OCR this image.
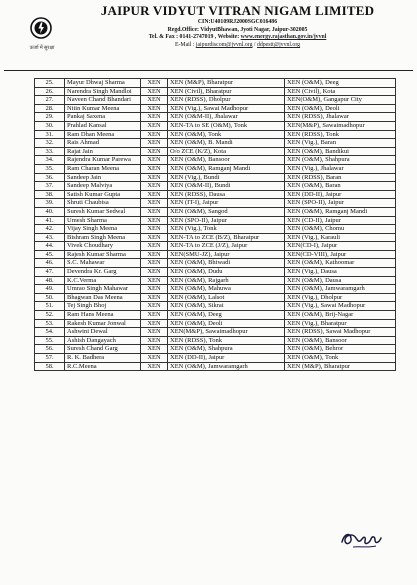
ऊर्जा में सुरक्षा
JAIPUR VIDYUT VITRAN NIGAM LIMITED
CIN:U40109RJ2000SGC016486
Regd.Office: VidyutBhawan, Jyoti Nagar, Jaipur-302005
Tel. & Fax : 0141-2747019 , Website: www.energy.rajasthan.gov.in/jvvnl
E-Mail : jaipurdiscom@jvvnl.org / ddpestt@jvvnl.org
25.	Mayur Dhwaj Sharma	XEN	XEN (M&P), Bharatpur	XEN (O&M), Deeg
26.	Narendra Singh Mandloi	XEN	XEN (Civil), Bharatpur	XEN (Civil), Kota
27.	Naveen Chand Bhandari	XEN	XEN (RDSS), Dholpur	XEN(O&M), Gangapur City
28.	Nitin Kumar Meena	XEN	XEN (Vig.), Sawai Madhopur	XEN (O&M), Deoli
29.	Pankaj Saxena	XEN	XEN (O&M-II), Jhalawar	XEN (RDSS), Jhalawar
30.	Prahlad Kansal	XEN	XEN-TA to SE (O&M), Tonk	XEN(M&P), Sawaimadhopur
31.	Ram Dhan Meena	XEN	XEN (O&M), Tonk	XEN (RDSS), Tonk
32.	Rais Ahmad	XEN	XEN (O&M), B. Mandi	XEN (Vig.), Baran
33.	Rajat Jain	XEN	O/o ZCE (K/Z), Kota	XEN (O&M), Bandikui
34.	Rajendra Kumar Parewa	XEN	XEN (O&M), Bansoor	XEN (O&M), Shahpura
35.	Ram Charan Meena	XEN	XEN (O&M), Ramganj Mandi	XEN (Vig.), Jhalawar
36.	Sandeep Jain	XEN	XEN (Vig.), Bundi	XEN (RDSS), Baran
37.	Sandeep Malviya	XEN	XEN (O&M-II), Bundi	XEN (O&M), Baran
38.	Satish Kumar Gupta	XEN	XEN (RDSS), Dausa	XEN (DD-II), Jaipur
39.	Shruti Chaubisa	XEN	XEN (IT-I), Jaipur	XEN (SPO-II), Jaipur
40.	Suresh Kumar Sedwal	XEN	XEN (O&M), Sangod	XEN (O&M), Ramganj Mandi
41.	Umesh Sharma	XEN	XEN (SPO-II), Jaipur	XEN (CD-II), Jaipur
42.	Vijay Singh Meena	XEN	XEN (Vig.), Tonk	XEN (O&M), Chomu
43.	Bishram Singh Meena	XEN	XEN-TA to ZCE (B/Z), Bharatpur	XEN (Vig.), Karauli
44.	Vivek Choudhary	XEN	XEN-TA to ZCE (J/Z), Jaipur	XEN(CD-I), Jaipur
45.	Rajesh Kumar Sharma	XEN	XEN(SMU-JZ), Jaipur	XEN(CD-VIII), Jaipur
46.	S.C. Mahawar	XEN	XEN (O&M), Bhiwadi	XEN (O&M), Kathoomar
47.	Devendra Kr. Garg	XEN	XEN (O&M), Dudu	XEN (Vig.), Dausa
48.	K.C.Verma	XEN	XEN (O&M), Rajgarh	XEN (O&M), Dausa
49.	Umrao Singh Mahawar	XEN	XEN (O&M), Mahuwa	XEN (O&M), Jamwaramgarh
50.	Bhagwan Das Meena	XEN	XEN (O&M), Lalsot	XEN (Vig.), Dholpur
51.	Tej Singh Bhoj	XEN	XEN (O&M), Sikrai	XEN (Vig.), Sawai Madhopur
52.	Ram Hans Meena	XEN	XEN (O&M), Deeg	XEN (O&M), Brij-Nagar
53.	Rakesh Kumar Jonwal	XEN	XEN (O&M), Deoli	XEN (Vig.), Bharatpur
54.	Ashwini Dewal	XEN	XEN(M&P), Sawaimadhopur	XEN (RDSS), Sawai Madhopur
55.	Ashish Dangayach	XEN	XEN (RDSS), Tonk	XEN (O&M), Bansoor
56.	Suresh Chand Garg	XEN	XEN (O&M), Shahpura	XEN (O&M), Behror
57.	R. K. Badhera	XEN	XEN (DD-II), Jaipur	XEN (O&M), Tonk
58.	R.C.Meena	XEN	XEN (O&M), Jamwaramgarh	XEN (M&P), Bharatpur
